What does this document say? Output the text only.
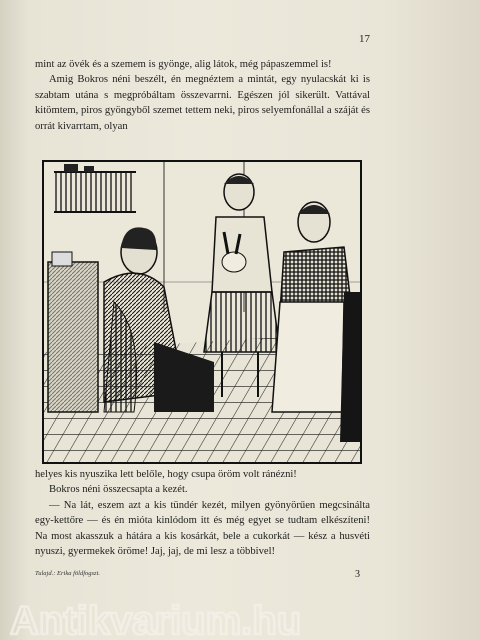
17

mint az övék és a szemem is gyönge, alig látok, még pápaszemmel is!

Amig Bokros néni beszélt, én megnéztem a mintát, egy nyulacskát ki is szabtam utána s megpróbáltam összevarrni. Egészen jól sikerült. Vattával kitömtem, piros gyöngyből szemet tettem neki, piros selyemfonállal a száját és orrát kivarrtam, olyan

helyes kis nyuszika lett belőle, hogy csupa öröm volt ránézni!

Bokros néni összecsapta a kezét.

— Na lát, eszem azt a kis tündér kezét, milyen gyönyörűen megcsinálta egy-kettőre — és én mióta kinlódom itt és még egyet se tudtam elkészíteni! Na most akasszuk a hátára a kis kosárkát, bele a cukorkát — kész a husvéti nyuszi, gyermekek öröme! Jaj, jaj, de mi lesz a többivel!

Tulajd.: Erika földfogszt.	3
Antikvarium.hu
